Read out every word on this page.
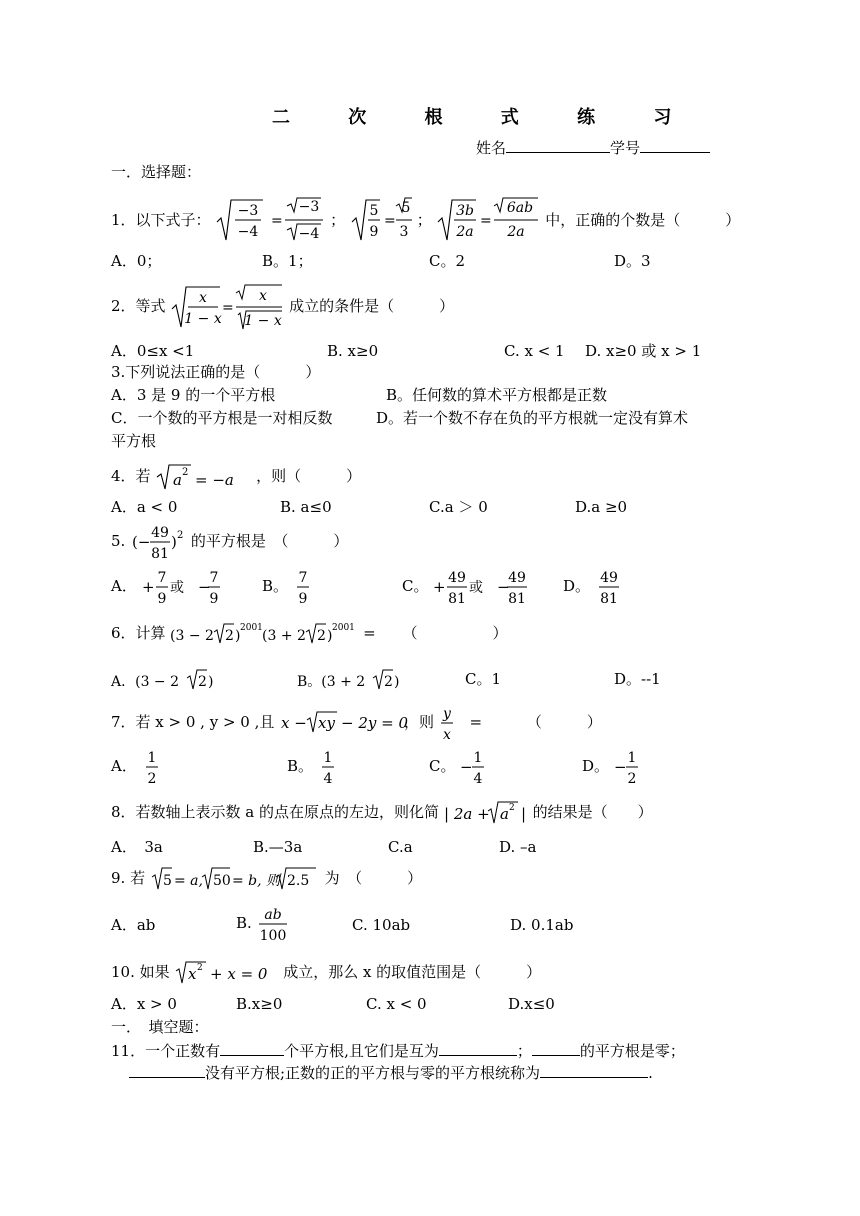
二 次 根 式 练 习
姓名	学号
一．选择题：
1．以下式子： −3
−4
=
−3
−4
； 5
9
=
5
3
； 3b
2a
=
6ab
2a
中，正确的个数是（　　　）
A．0；	B。1；	C。2	D。3
2．等式 x
1 − x
=
x
1 − x
成立的条件是（　　　）
A．0≤x <1	B. x≥0	C. x < 1 D. x≥0 或 x > 1
3.下列说法正确的是（　　　）
A．3 是 9 的一个平方根	B。任何数的算术平方根都是正数
C．一个数的平方根是一对相反数	D。若一个数不存在负的平方根就一定没有算术
平方根
4．若 a 2 = −a ，则（　　　）
A．a < 0	B. a≤0	C.a ＞ 0	D.a ≥0
5. (− 49
81
) 2 的平方根是　（　　　）
A． + 7
9
或 −
7
9
B。 7
9
C。 + 49
81
或 −
49
81
D。 49
81
6．计算 (3 − 2 2 ) 2001 (3 + 2 2 ) 2001 = （　　　　　）
A．(3 − 2 2 )	B。(3 + 2 2 )	C。1	D。--1
7．若 x > 0 , y > 0 ,且 x − xy − 2y = 0
，则 y
x
=	（　　　）
A． 1
2
B。 1
4
C。 − 1
4
D。 − 1
2
8．若数轴上表示数 a 的点在原点的左边，则化简 | 2a + a 2 | 的结果是（　　）
A．　3a	B.—3a	C.a	D. –a
9. 若 5 = a, 50 = b, 则 2.5 为　（　　　）
A．ab	B. ab
100
C. 10ab	D. 0.1ab
10. 如果 x 2 + x = 0 成立，那么 x 的取值范围是（　　　）
A．x > 0	B.x≥0	C. x < 0	D.x≤0
一．　填空题：
11．一个正数有	个平方根,且它们是互为	；	的平方根是零；
没有平方根;正数的正的平方根与零的平方根统称为	.
